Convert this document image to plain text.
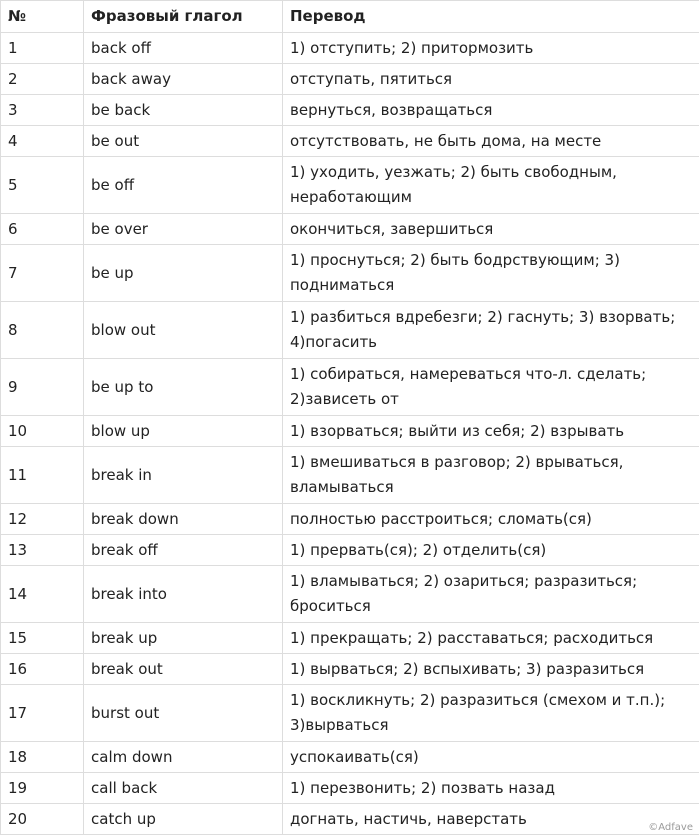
№	Фразовый глагол	Перевод
1	back off	1) отступить; 2) притормозить
2	back away	отступать, пятиться
3	be back	вернуться, возвращаться
4	be out	отсутствовать, не быть дома, на месте
5	be off	1) уходить, уезжать; 2) быть свободным, неработающим
6	be over	окончиться, завершиться
7	be up	1) проснуться; 2) быть бодрствующим; 3) подниматься
8	blow out	1) разбиться вдребезги; 2) гаснуть; 3) взорвать; 4)погасить
9	be up to	1) собираться, намереваться что-л. сделать; 2)зависеть от
10	blow up	1) взорваться; выйти из себя; 2) взрывать
11	break in	1) вмешиваться в разговор; 2) врываться, вламываться
12	break down	полностью расстроиться; сломать(ся)
13	break off	1) прервать(ся); 2) отделить(ся)
14	break into	1) вламываться; 2) озариться; разразиться; броситься
15	break up	1) прекращать; 2) расставаться; расходиться
16	break out	1) вырваться; 2) вспыхивать; 3) разразиться
17	burst out	1) воскликнуть; 2) разразиться (смехом и т.п.); 3)вырваться
18	calm down	успокаивать(ся)
19	call back	1) перезвонить; 2) позвать назад
20	catch up	догнать, настичь, наверстать	©Adfave
